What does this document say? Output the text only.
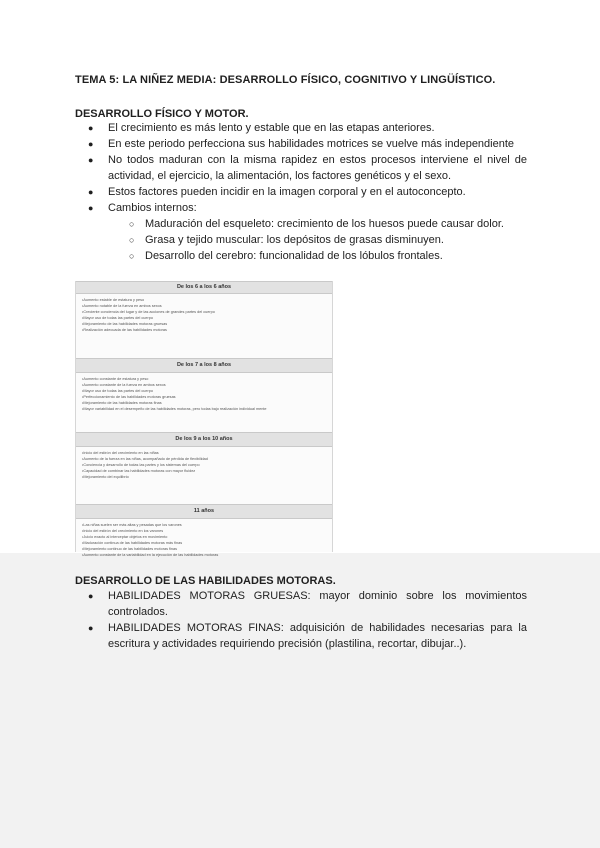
TEMA 5: LA NIÑEZ MEDIA: DESARROLLO FÍSICO, COGNITIVO Y LINGÜÍSTICO.
DESARROLLO FÍSICO Y MOTOR.
● El crecimiento es más lento y estable que en las etapas anteriores.
● En este periodo perfecciona sus habilidades motrices se vuelve más independiente
● No todos maduran con la misma rapidez en estos procesos interviene el nivel de actividad, el ejercicio, la alimentación, los factores genéticos y el sexo.
● Estos factores pueden incidir en la imagen corporal y en el autoconcepto.
● Cambios internos:
○ Maduración del esqueleto: crecimiento de los huesos puede causar dolor.
○ Grasa y tejido muscular: los depósitos de grasas disminuyen.
○ Desarrollo del cerebro: funcionalidad de los lóbulos frontales.
De los 6 a los 6 años
• Aumento estable de estatura y peso
• Aumento notable de la fuerza en ambos sexos
• Creciente conciencia del lugar y de las acciones de grandes partes del cuerpo
• Mayor uso de todas las partes del cuerpo
• Mejoramiento de las habilidades motoras gruesas
• Realización adecuada de las habilidades motoras
De los 7 a los 8 años
• Aumento constante de estatura y peso
• Aumento constante de la fuerza en ambos sexos
• Mayor uso de todas las partes del cuerpo
• Perfeccionamiento de las habilidades motoras gruesas
• Mejoramiento de las habilidades motoras finas
• Mayor variabilidad en el desempeño de las habilidades motoras, pero todas bajo realización individual mente
De los 9 a los 10 años
• Inicio del estirón del crecimiento en las niñas
• Aumento de la fuerza en las niñas, acompañado de pérdida de flexibilidad
• Conciencia y desarrollo de todas las partes y los sistemas del cuerpo
• Capacidad de combinar las habilidades motoras con mayor fluidez
• Mejoramiento del equilibrio
11 años
• Las niñas suelen ser más altas y pesadas que los varones
• Inicio del estirón del crecimiento en los varones
• Juicio exacto al interceptar objetos en movimiento
• Maduración continua de las habilidades motoras más finas
• Mejoramiento continuo de las habilidades motoras finas
• Aumento constante de la variabilidad en la ejecución de las habilidades motoras
DESARROLLO DE LAS HABILIDADES MOTORAS.
● HABILIDADES MOTORAS GRUESAS: mayor dominio sobre los movimientos controlados.
● HABILIDADES MOTORAS FINAS: adquisición de habilidades necesarias para la escritura y actividades requiriendo precisión (plastilina, recortar, dibujar..).
